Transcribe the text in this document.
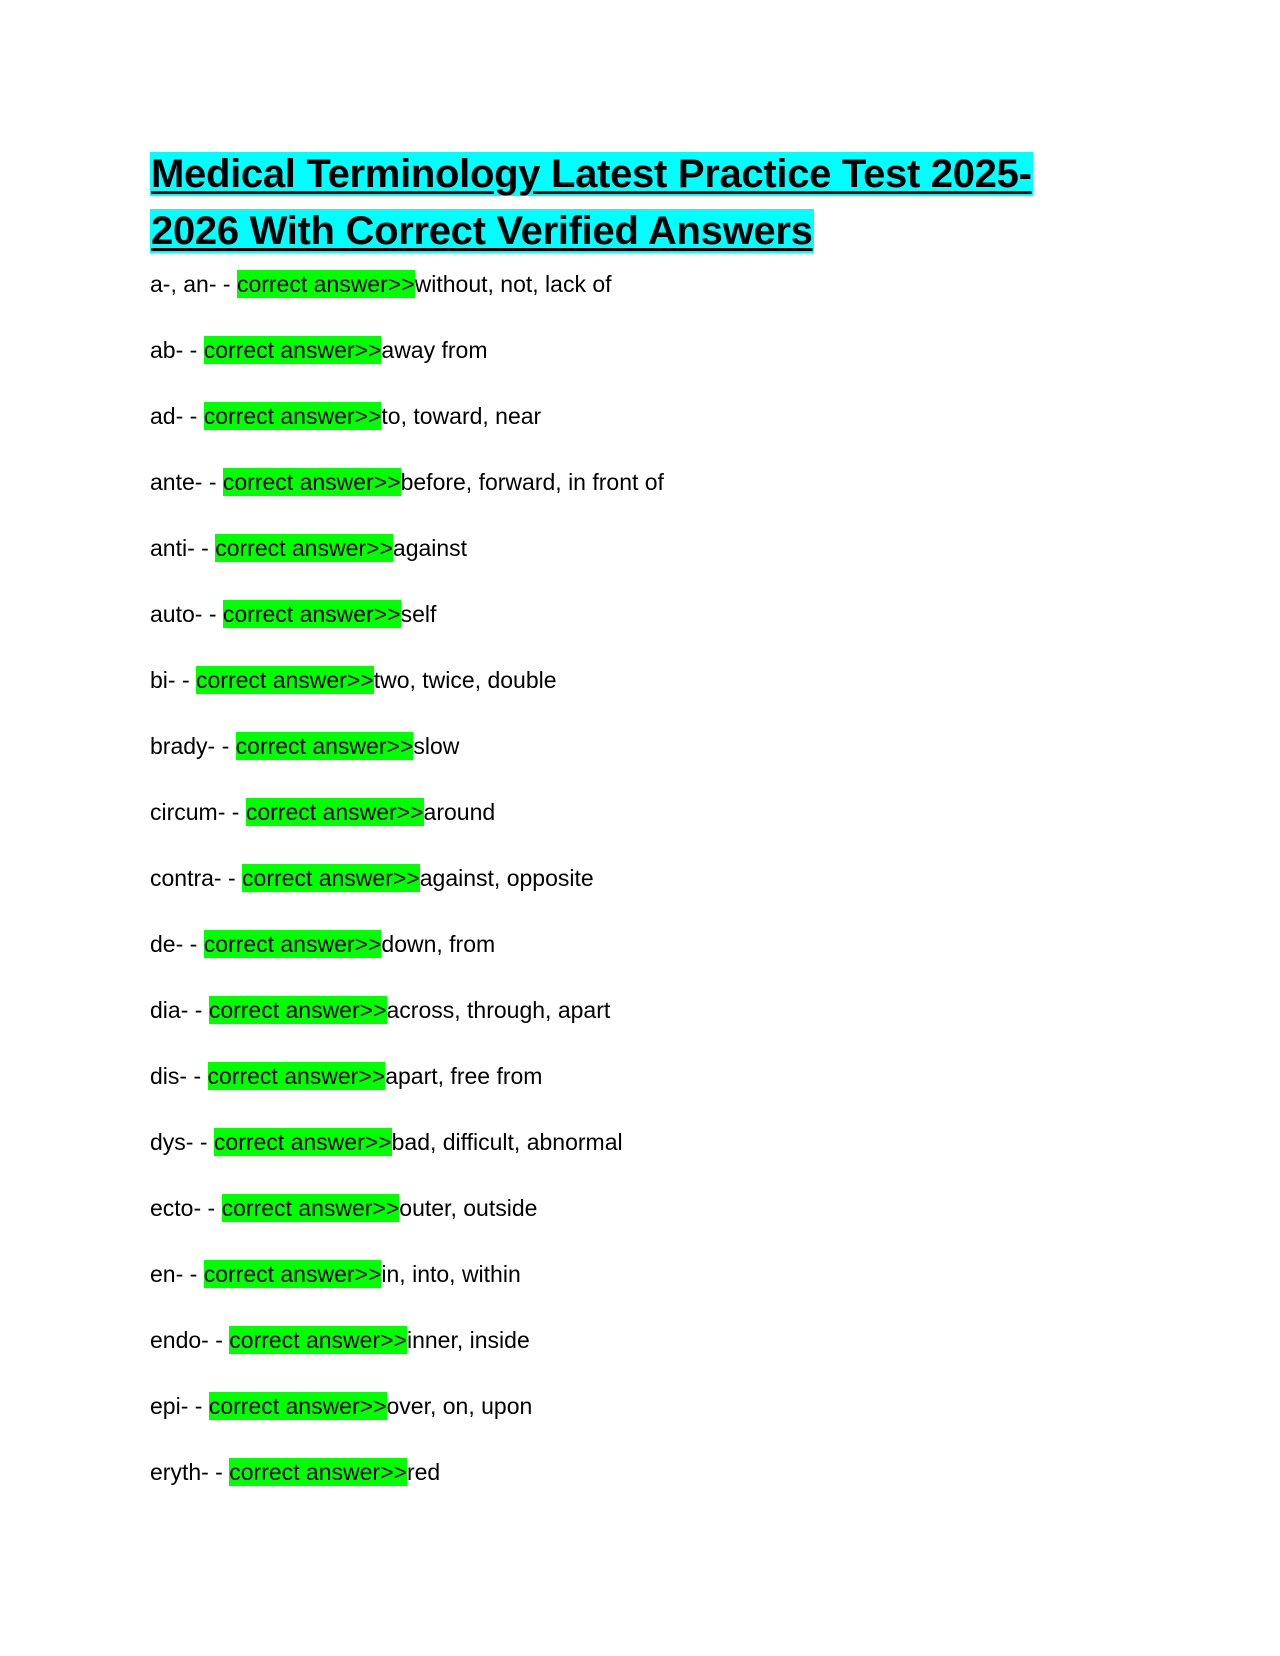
Medical Terminology Latest Practice Test 2025-
2026 With Correct Verified Answers
a-, an- - correct answer>>without, not, lack of
ab- - correct answer>>away from
ad- - correct answer>>to, toward, near
ante- - correct answer>>before, forward, in front of
anti- - correct answer>>against
auto- - correct answer>>self
bi- - correct answer>>two, twice, double
brady- - correct answer>>slow
circum- - correct answer>>around
contra- - correct answer>>against, opposite
de- - correct answer>>down, from
dia- - correct answer>>across, through, apart
dis- - correct answer>>apart, free from
dys- - correct answer>>bad, difficult, abnormal
ecto- - correct answer>>outer, outside
en- - correct answer>>in, into, within
endo- - correct answer>>inner, inside
epi- - correct answer>>over, on, upon
eryth- - correct answer>>red
